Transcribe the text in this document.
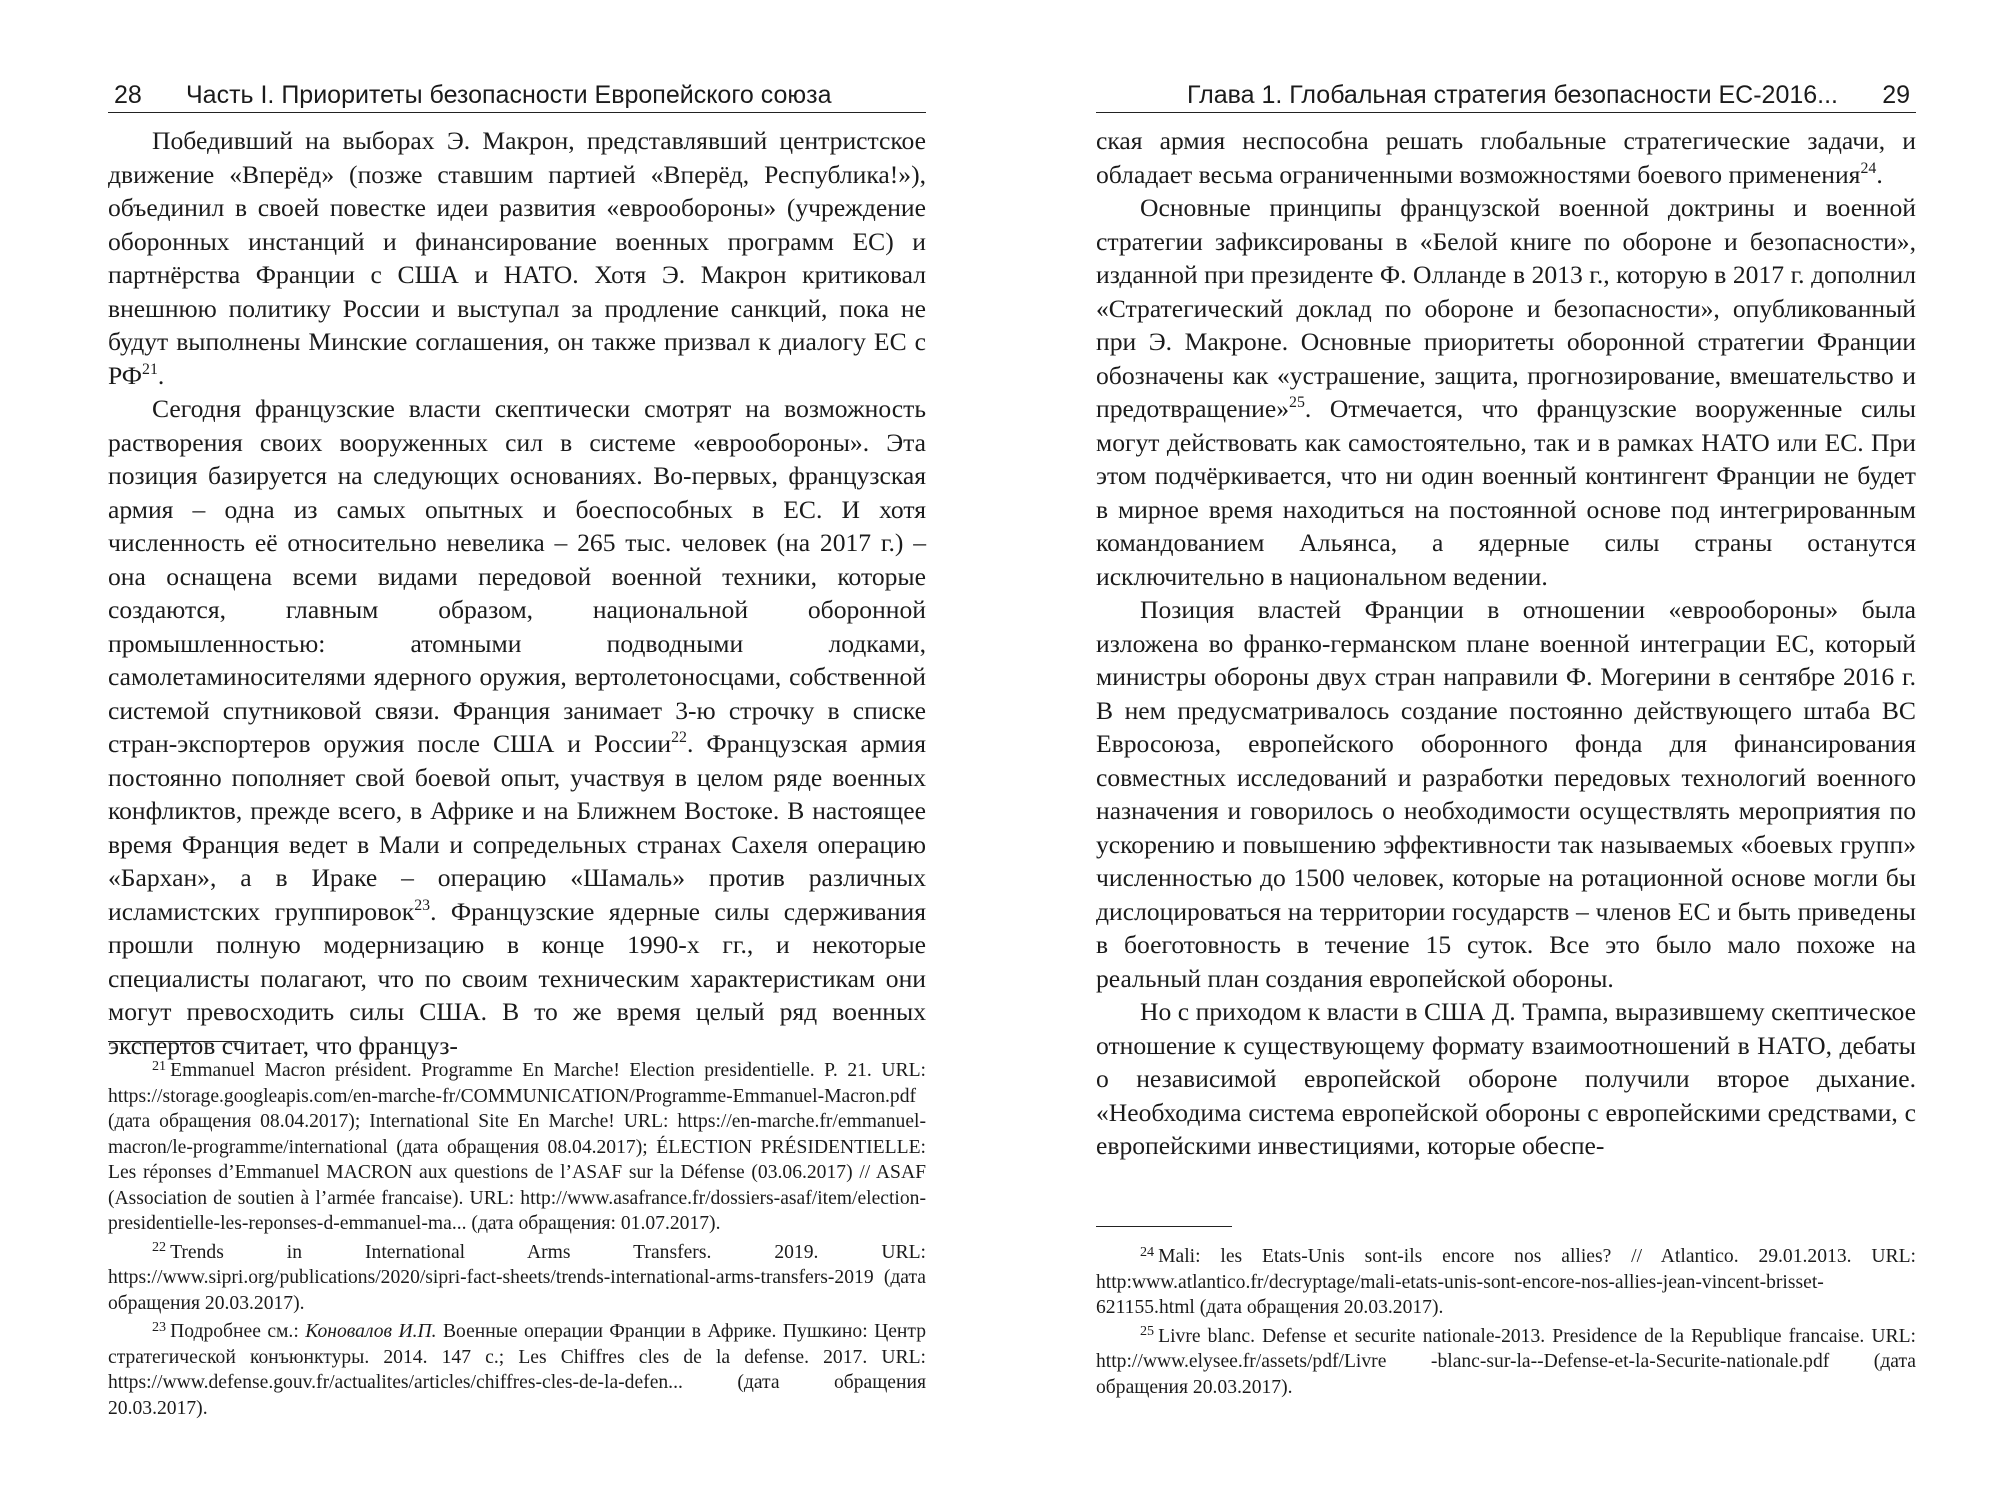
28 Часть I. Приоритеты безопасности Европейского союза

Победивший на выборах Э. Макрон, представлявший центристское движение «Вперёд» (позже ставшим партией «Вперёд, Республика!»), объединил в своей повестке идеи развития «еврообороны» (учреждение оборонных инстанций и финансирование военных программ ЕС) и партнёрства Франции с США и НАТО. Хотя Э. Макрон критиковал внешнюю политику России и выступал за продление санкций, пока не будут выполнены Минские соглашения, он также призвал к диалогу ЕС с РФ$^{21}$.

Сегодня французские власти скептически смотрят на возможность растворения своих вооруженных сил в системе «еврообороны». Эта позиция базируется на следующих основаниях. Во-первых, французская армия – одна из самых опытных и боеспособных в ЕС. И хотя численность её относительно невелика – 265 тыс. человек (на 2017 г.) – она оснащена всеми видами передовой военной техники, которые создаются, главным образом, национальной оборонной промышленностью: атомными подводными лодками, самолетаминосителями ядерного оружия, вертолетоносцами, собственной системой спутниковой связи. Франция занимает 3-ю строчку в списке стран-экспортеров оружия после США и России$^{22}$. Французская армия постоянно пополняет свой боевой опыт, участвуя в целом ряде военных конфликтов, прежде всего, в Африке и на Ближнем Востоке. В настоящее время Франция ведет в Мали и сопредельных странах Сахеля операцию «Бархан», а в Ираке – операцию «Шамаль» против различных исламистских группировок$^{23}$. Французские ядерные силы сдерживания прошли полную модернизацию в конце 1990-х гг., и некоторые специалисты полагают, что по своим техническим характеристикам они могут превосходить силы США. В то же время целый ряд военных экспертов считает, что француз-

$^{21}$ Emmanuel Macron président. Programme En Marche! Election presidentielle. P. 21. URL: https://storage.googleapis.com/en-marche-fr/COMMUNICATION/Programme-Emmanuel-Macron.pdf (дата обращения 08.04.2017); International Site En Marche! URL: https://en-marche.fr/emmanuel-macron/le-programme/international (дата обращения 08.04.2017); ÉLECTION PRÉSIDENTIELLE: Les réponses d’Emmanuel MACRON aux questions de l’ASAF sur la Défense (03.06.2017) // ASAF (Association de soutien à l’armée francaise). URL: http://www.asafrance.fr/dossiers-asaf/item/election-presidentielle-les-reponses-d-emmanuel-ma... (дата обращения: 01.07.2017).

$^{22}$ Trends in International Arms Transfers. 2019. URL: https://www.sipri.org/publications/2020/sipri-fact-sheets/trends-international-arms-transfers-2019 (дата обращения 20.03.2017).

$^{23}$ Подробнее см.: Коновалов И.П. Военные операции Франции в Африке. Пушкино: Центр стратегической конъюнктуры. 2014. 147 с.; Les Chiffres cles de la defense. 2017. URL: https://www.defense.gouv.fr/actualites/articles/chiffres-cles-de-la-defen... (дата обращения 20.03.2017).

Глава 1. Глобальная стратегия безопасности ЕС-2016... 29

ская армия неспособна решать глобальные стратегические задачи, и обладает весьма ограниченными возможностями боевого применения$^{24}$.

Основные принципы французской военной доктрины и военной стратегии зафиксированы в «Белой книге по обороне и безопасности», изданной при президенте Ф. Олланде в 2013 г., которую в 2017 г. дополнил «Стратегический доклад по обороне и безопасности», опубликованный при Э. Макроне. Основные приоритеты оборонной стратегии Франции обозначены как «устрашение, защита, прогнозирование, вмешательство и предотвращение»$^{25}$. Отмечается, что французские вооруженные силы могут действовать как самостоятельно, так и в рамках НАТО или ЕС. При этом подчёркивается, что ни один военный контингент Франции не будет в мирное время находиться на постоянной основе под интегрированным командованием Альянса, а ядерные силы страны останутся исключительно в национальном ведении.

Позиция властей Франции в отношении «еврообороны» была изложена во франко-германском плане военной интеграции ЕС, который министры обороны двух стран направили Ф. Могерини в сентябре 2016 г. В нем предусматривалось создание постоянно действующего штаба ВС Евросоюза, европейского оборонного фонда для финансирования совместных исследований и разработки передовых технологий военного назначения и говорилось о необходимости осуществлять мероприятия по ускорению и повышению эффективности так называемых «боевых групп» численностью до 1500 человек, которые на ротационной основе могли бы дислоцироваться на территории государств – членов ЕС и быть приведены в боеготовность в течение 15 суток. Все это было мало похоже на реальный план создания европейской обороны.

Но с приходом к власти в США Д. Трампа, выразившему скептическое отношение к существующему формату взаимоотношений в НАТО, дебаты о независимой европейской обороне получили второе дыхание. «Необходима система европейской обороны с европейскими средствами, с европейскими инвестициями, которые обеспе-

$^{24}$ Mali: les Etats-Unis sont-ils encore nos allies? // Atlantico. 29.01.2013. URL: http:www.atlantico.fr/decryptage/mali-etats-unis-sont-encore-nos-allies-jean-vincent-brisset-621155.html (дата обращения 20.03.2017).

$^{25}$ Livre blanc. Defense et securite nationale-2013. Presidence de la Republique francaise. URL: http://www.elysee.fr/assets/pdf/Livre -blanc-sur-la--Defense-et-la-Securite-nationale.pdf (дата обращения 20.03.2017).
